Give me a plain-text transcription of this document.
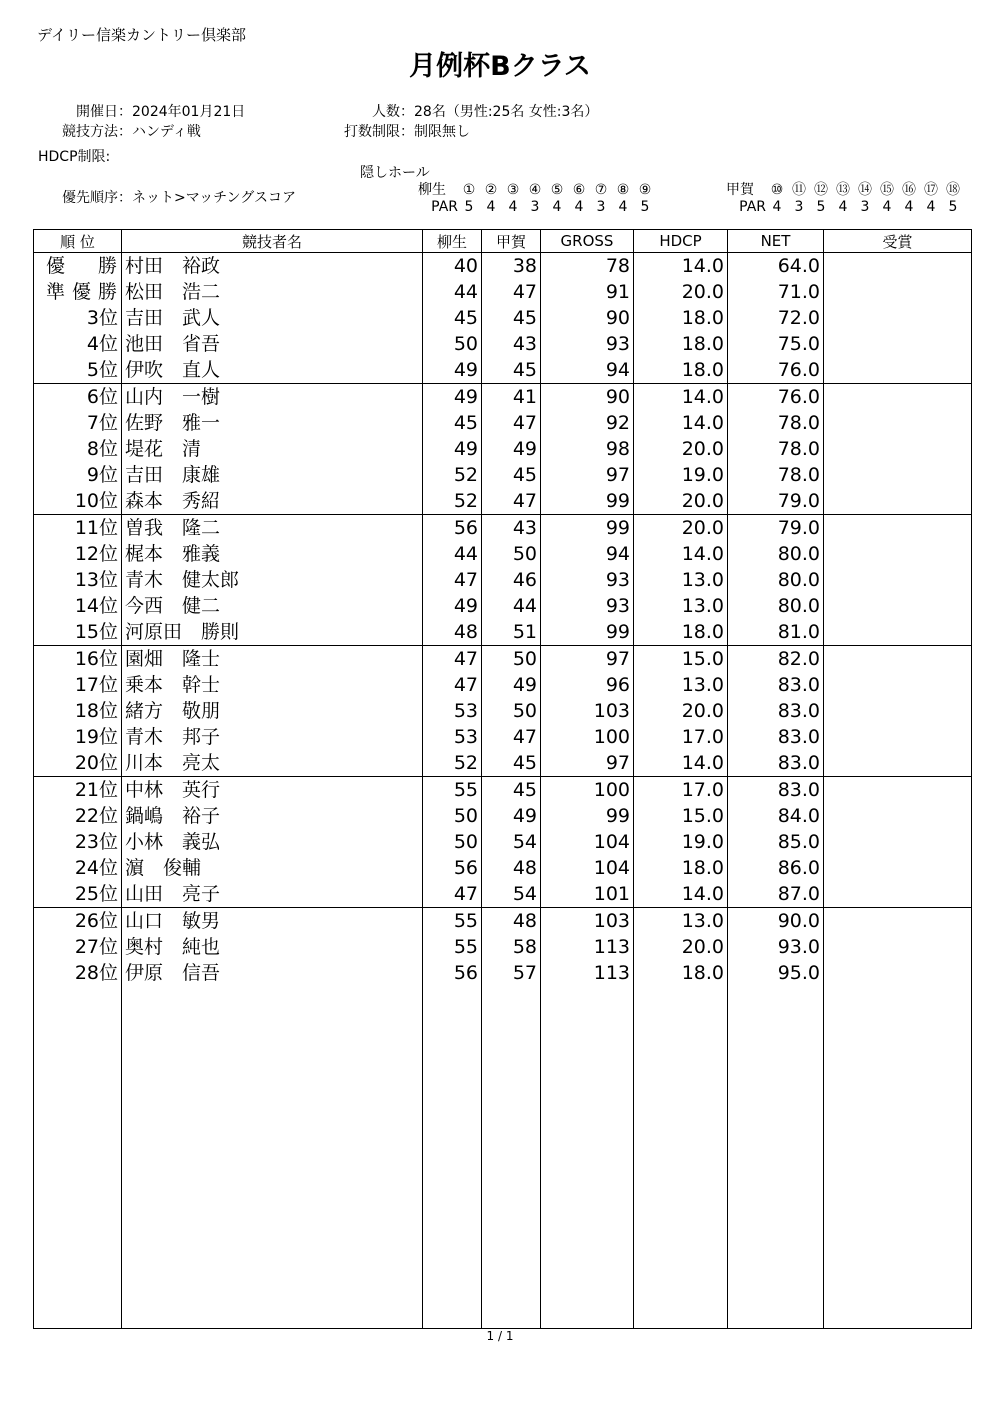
デイリー信楽カントリー倶楽部
月例杯Bクラス
開催日：2024年01月21日
競技方法：ハンディ戦
HDCP制限:
人数：28名（男性:25名 女性:3名）
打数制限：制限無し
優先順序：ネット>マッチングスコア
隠しホール
柳生 ① ② ③ ④ ⑤ ⑥ ⑦ ⑧ ⑨
PAR 5 4 4 3 4 4 3 4 5
甲賀 ⑩ ⑪ ⑫ ⑬ ⑭ ⑮ ⑯ ⑰ ⑱
PAR 4 3 5 4 3 4 4 4 5
順 位	競技者名	柳生	甲賀	GROSS	HDCP	NET	受賞
優 勝	村田　裕政	40	38	78	14.0	64.0	
準優勝	松田　浩二	44	47	91	20.0	71.0	
3位	吉田　武人	45	45	90	18.0	72.0	
4位	池田　省吾	50	43	93	18.0	75.0	
5位	伊吹　直人	49	45	94	18.0	76.0	
6位	山内　一樹	49	41	90	14.0	76.0	
7位	佐野　雅一	45	47	92	14.0	78.0	
8位	堤花　清	49	49	98	20.0	78.0	
9位	吉田　康雄	52	45	97	19.0	78.0	
10位	森本　秀紹	52	47	99	20.0	79.0	
11位	曽我　隆二	56	43	99	20.0	79.0	
12位	梶本　雅義	44	50	94	14.0	80.0	
13位	青木　健太郎	47	46	93	13.0	80.0	
14位	今西　健二	49	44	93	13.0	80.0	
15位	河原田　勝則	48	51	99	18.0	81.0	
16位	園畑　隆士	47	50	97	15.0	82.0	
17位	乗本　幹士	47	49	96	13.0	83.0	
18位	緒方　敬朋	53	50	103	20.0	83.0	
19位	青木　邦子	53	47	100	17.0	83.0	
20位	川本　亮太	52	45	97	14.0	83.0	
21位	中林　英行	55	45	100	17.0	83.0	
22位	鍋嶋　裕子	50	49	99	15.0	84.0	
23位	小林　義弘	50	54	104	19.0	85.0	
24位	濵　俊輔	56	48	104	18.0	86.0	
25位	山田　亮子	47	54	101	14.0	87.0	
26位	山口　敏男	55	48	103	13.0	90.0	
27位	奥村　純也	55	58	113	20.0	93.0	
28位	伊原　信吾	56	57	113	18.0	95.0	

1 / 1
